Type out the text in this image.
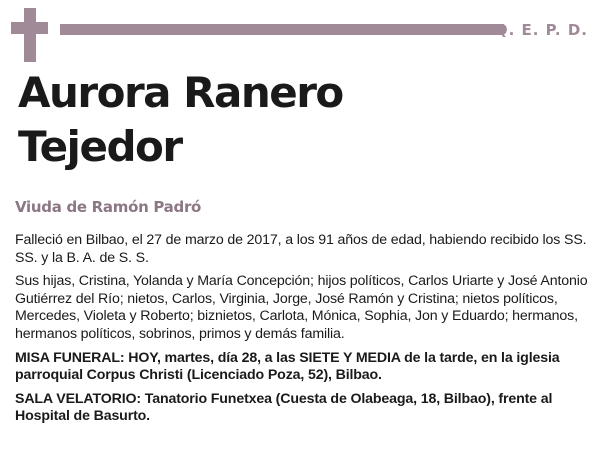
Q. E. P. D.
Aurora Ranero
Tejedor
Viuda de Ramón Padró

Falleció en Bilbao, el 27 de marzo de 2017, a los 91 años de edad, habiendo recibido los SS. SS. y la B. A. de S. S.

Sus hijas, Cristina, Yolanda y María Concepción; hijos políticos, Carlos Uriarte y José Antonio Gutiérrez del Río; nietos, Carlos, Virginia, Jorge, José Ramón y Cristina; nietos políticos, Mercedes, Violeta y Roberto; biznietos, Carlota, Mónica, Sophia, Jon y Eduardo; hermanos, hermanos políticos, sobrinos, primos y demás familia.

MISA FUNERAL: HOY, martes, día 28, a las SIETE Y MEDIA de la tarde, en la iglesia parroquial Corpus Christi (Licenciado Poza, 52), Bilbao.

SALA VELATORIO: Tanatorio Funetxea (Cuesta de Olabeaga, 18, Bilbao), frente al Hospital de Basurto.
